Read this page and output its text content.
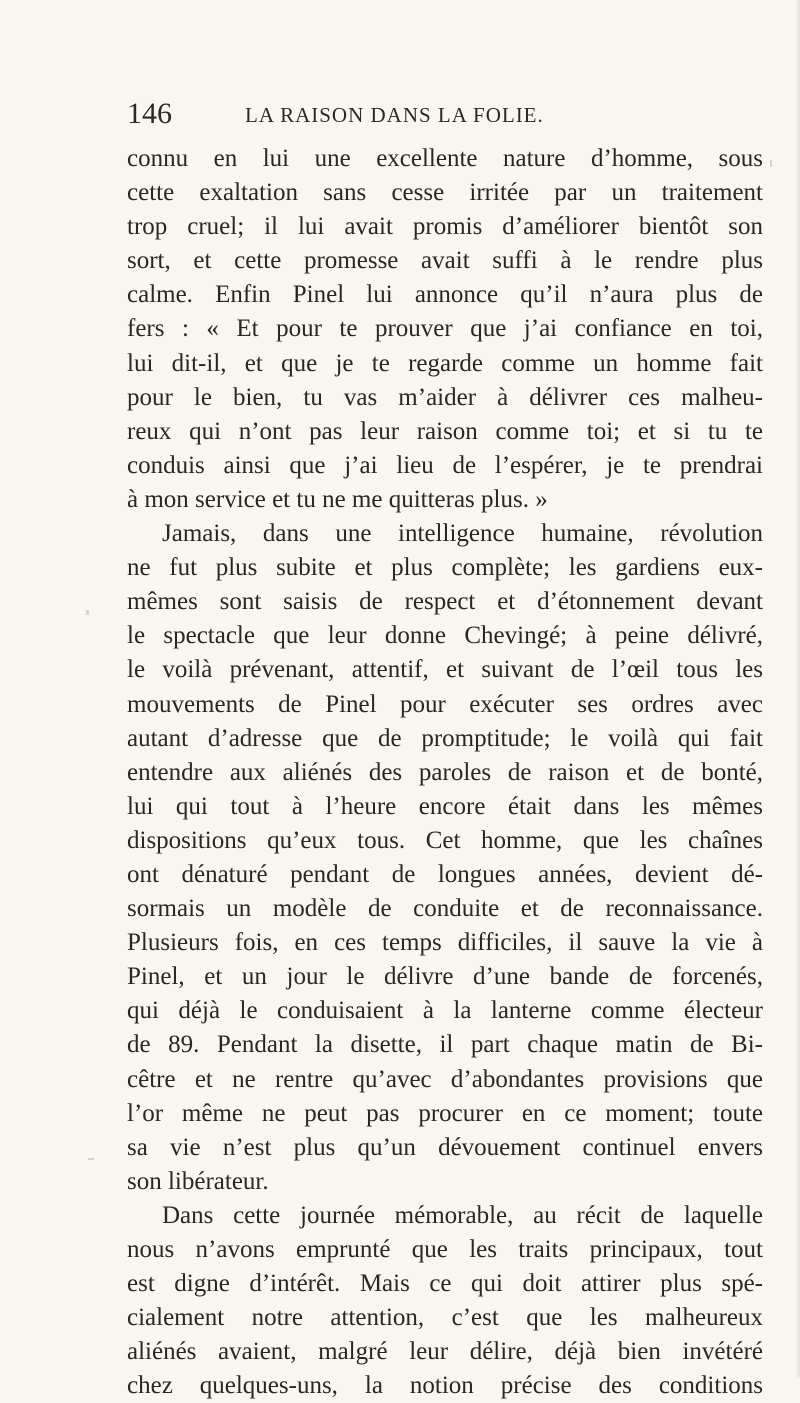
146	LA RAISON DANS LA FOLIE.
connu en lui une excellente nature d’homme, sous
cette exaltation sans cesse irritée par un traitement
trop cruel; il lui avait promis d’améliorer bientôt son
sort, et cette promesse avait suffi à le rendre plus
calme. Enfin Pinel lui annonce qu’il n’aura plus de
fers : « Et pour te prouver que j’ai confiance en toi,
lui dit-il, et que je te regarde comme un homme fait
pour le bien, tu vas m’aider à délivrer ces malheu-
reux qui n’ont pas leur raison comme toi; et si tu te
conduis ainsi que j’ai lieu de l’espérer, je te prendrai
à mon service et tu ne me quitteras plus. »
Jamais, dans une intelligence humaine, révolution
ne fut plus subite et plus complète; les gardiens eux-
mêmes sont saisis de respect et d’étonnement devant
le spectacle que leur donne Chevingé; à peine délivré,
le voilà prévenant, attentif, et suivant de l’œil tous les
mouvements de Pinel pour exécuter ses ordres avec
autant d’adresse que de promptitude; le voilà qui fait
entendre aux aliénés des paroles de raison et de bonté,
lui qui tout à l’heure encore était dans les mêmes
dispositions qu’eux tous. Cet homme, que les chaînes
ont dénaturé pendant de longues années, devient dé-
sormais un modèle de conduite et de reconnaissance.
Plusieurs fois, en ces temps difficiles, il sauve la vie à
Pinel, et un jour le délivre d’une bande de forcenés,
qui déjà le conduisaient à la lanterne comme électeur
de 89. Pendant la disette, il part chaque matin de Bi-
cêtre et ne rentre qu’avec d’abondantes provisions que
l’or même ne peut pas procurer en ce moment; toute
sa vie n’est plus qu’un dévouement continuel envers
son libérateur.
Dans cette journée mémorable, au récit de laquelle
nous n’avons emprunté que les traits principaux, tout
est digne d’intérêt. Mais ce qui doit attirer plus spé-
cialement notre attention, c’est que les malheureux
aliénés avaient, malgré leur délire, déjà bien invétéré
chez quelques-uns, la notion précise des conditions
